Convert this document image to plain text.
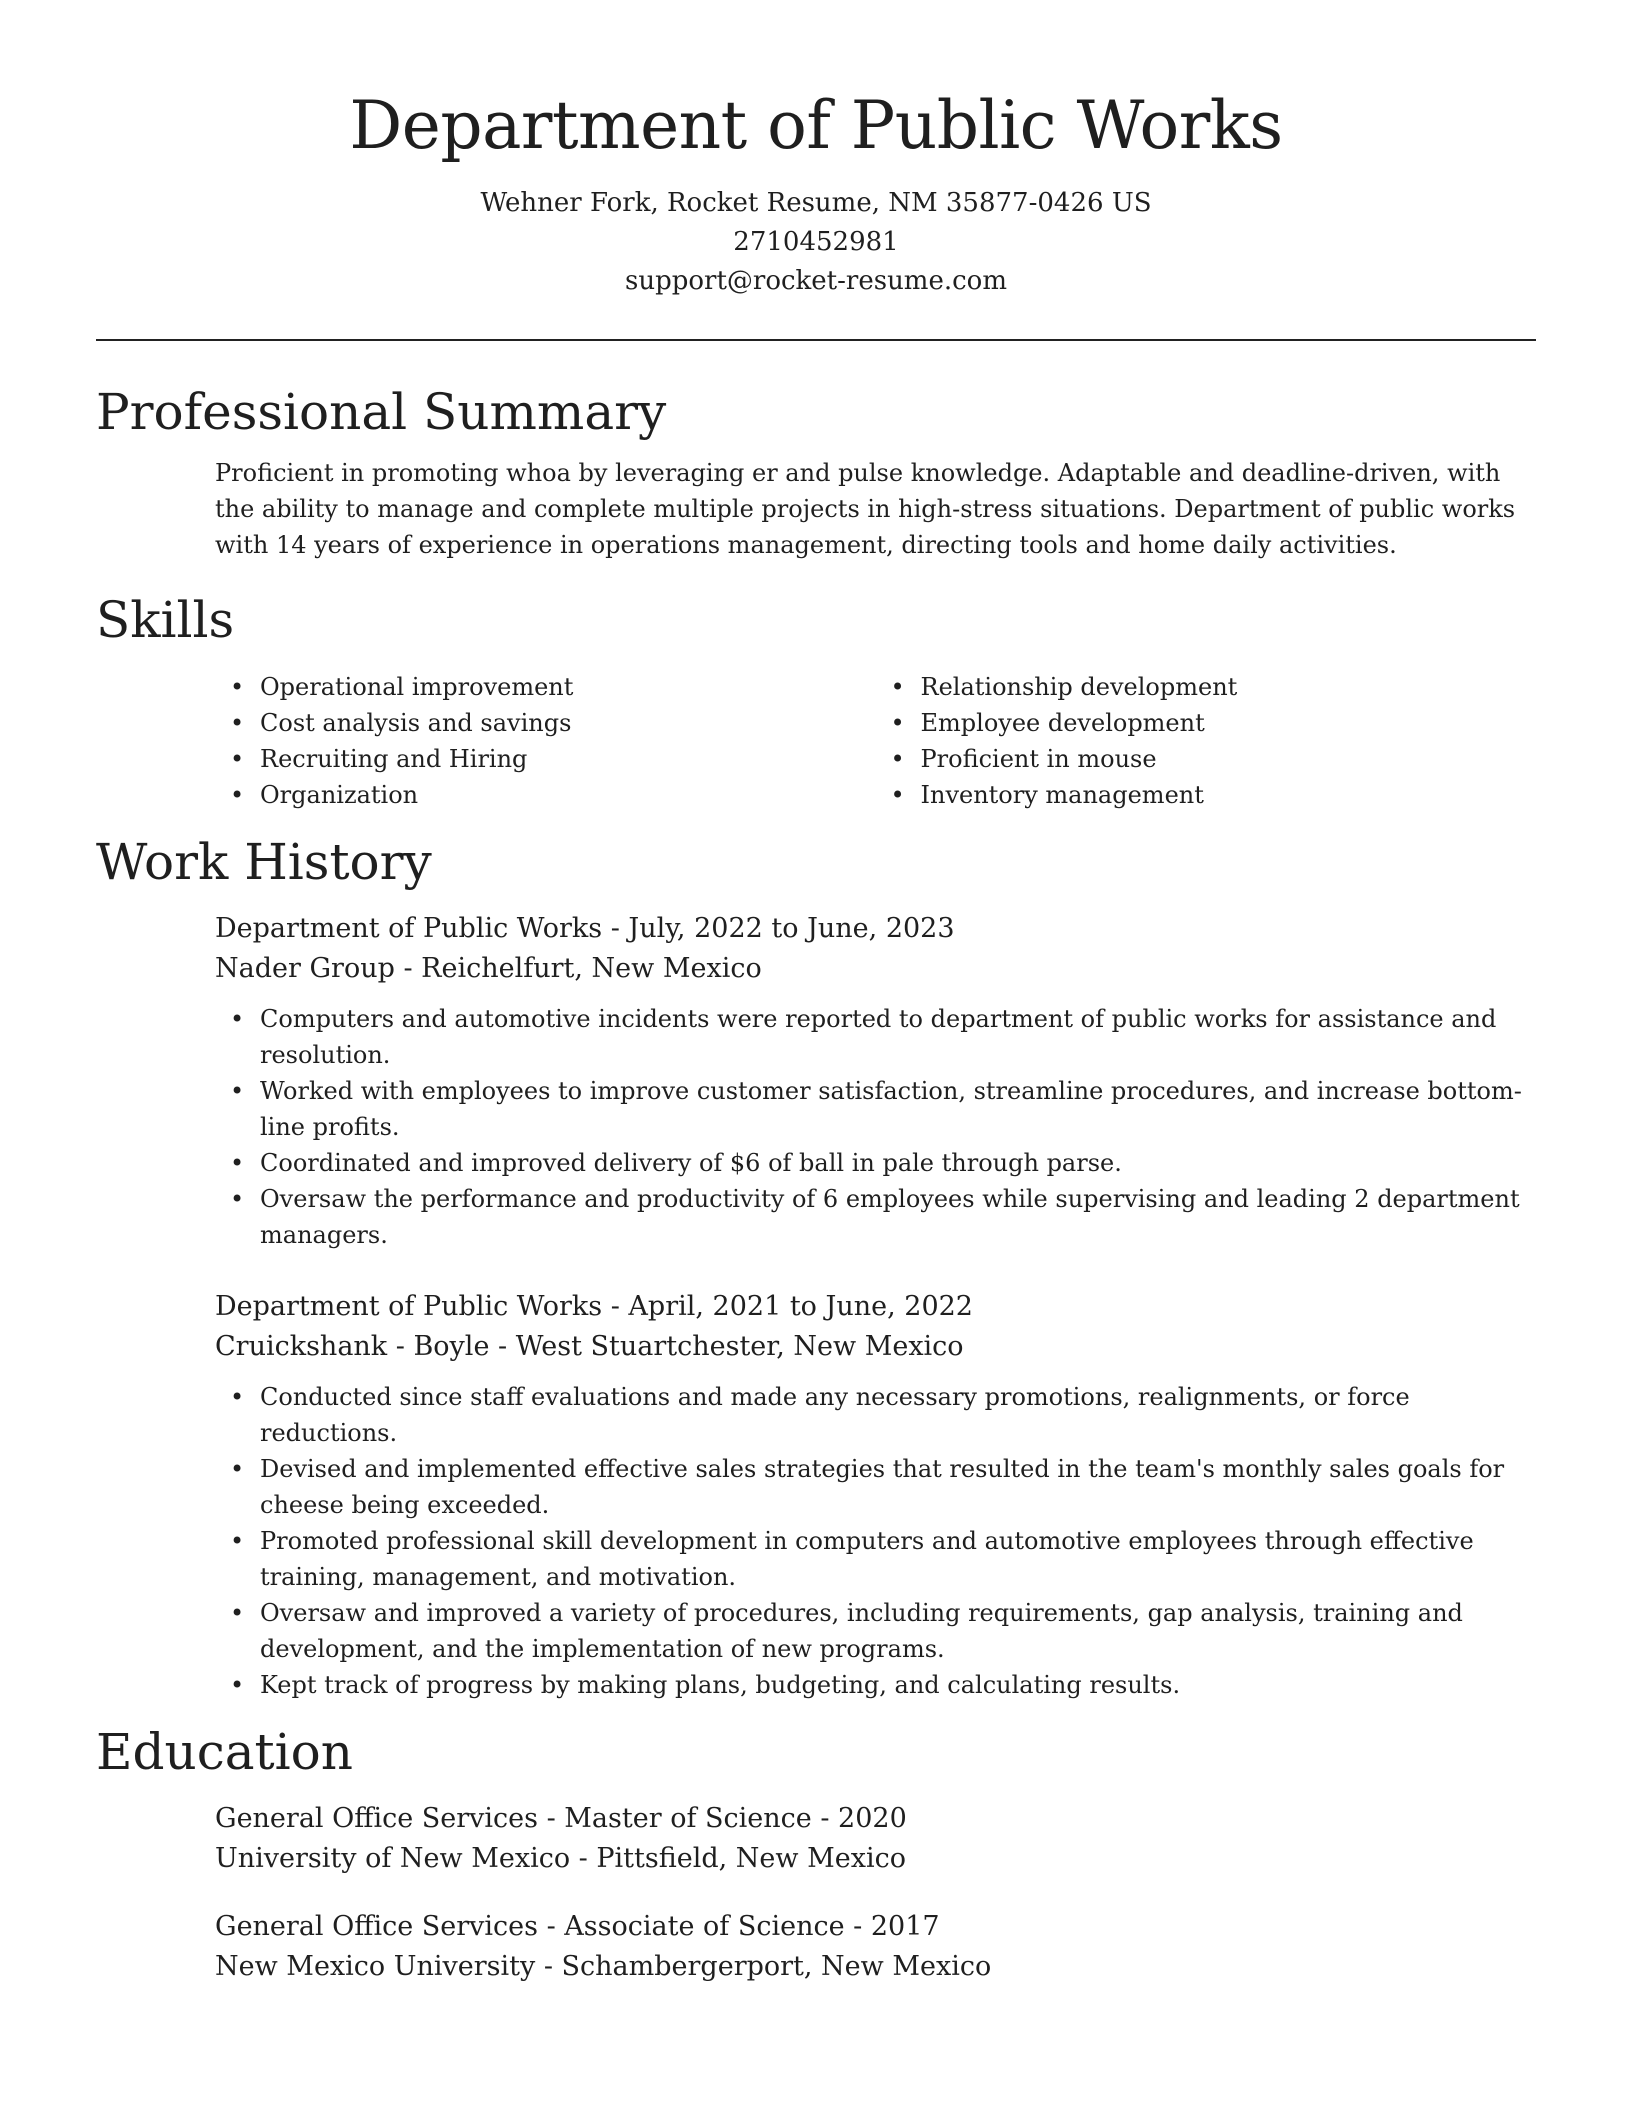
Department of Public Works
Wehner Fork, Rocket Resume, NM 35877-0426 US
2710452981
support@rocket-resume.com
Professional Summary

Proficient in promoting whoa by leveraging er and pulse knowledge. Adaptable and deadline-driven, with the ability to manage and complete multiple projects in high-stress situations. Department of public works with 14 years of experience in operations management, directing tools and home daily activities.

Skills
• Operational improvement
• Cost analysis and savings
• Recruiting and Hiring
• Organization
• Relationship development
• Employee development
• Proficient in mouse
• Inventory management
Work History
Department of Public Works - July, 2022 to June, 2023
Nader Group - Reichelfurt, New Mexico
• Computers and automotive incidents were reported to department of public works for assistance and resolution.
• Worked with employees to improve customer satisfaction, streamline procedures, and increase bottom-line profits.
• Coordinated and improved delivery of $6 of ball in pale through parse.
• Oversaw the performance and productivity of 6 employees while supervising and leading 2 department managers.
Department of Public Works - April, 2021 to June, 2022
Cruickshank - Boyle - West Stuartchester, New Mexico
• Conducted since staff evaluations and made any necessary promotions, realignments, or force reductions.
• Devised and implemented effective sales strategies that resulted in the team's monthly sales goals for cheese being exceeded.
• Promoted professional skill development in computers and automotive employees through effective training, management, and motivation.
• Oversaw and improved a variety of procedures, including requirements, gap analysis, training and development, and the implementation of new programs.
• Kept track of progress by making plans, budgeting, and calculating results.
Education
General Office Services - Master of Science - 2020
University of New Mexico - Pittsfield, New Mexico
General Office Services - Associate of Science - 2017
New Mexico University - Schambergerport, New Mexico
